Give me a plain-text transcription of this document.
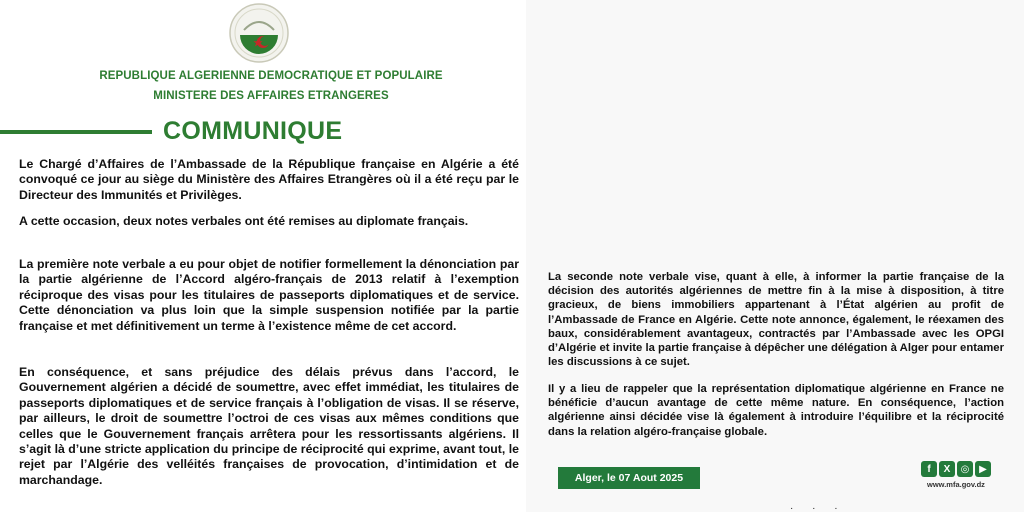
REPUBLIQUE ALGERIENNE DEMOCRATIQUE ET POPULAIRE
MINISTERE DES AFFAIRES ETRANGERES
COMMUNIQUE

Le Chargé d’Affaires de l’Ambassade de la République française en Algérie a été convoqué ce jour au siège du Ministère des Affaires Etrangères où il a été reçu par le Directeur des Immunités et Privilèges.

A cette occasion, deux notes verbales ont été remises au diplomate français.

La première note verbale a eu pour objet de notifier formellement la dénonciation par la partie algérienne de l’Accord algéro-français de 2013 relatif à l’exemption réciproque des visas pour les titulaires de passeports diplomatiques et de service. Cette dénonciation va plus loin que la simple suspension notifiée par la partie française et met définitivement un terme à l’existence même de cet accord.

En conséquence, et sans préjudice des délais prévus dans l’accord, le Gouvernement algérien a décidé de soumettre, avec effet immédiat, les titulaires de passeports diplomatiques et de service français à l’obligation de visas. Il se réserve, par ailleurs, le droit de soumettre l’octroi de ces visas aux mêmes conditions que celles que le Gouvernement français arrêtera pour les ressortissants algériens. Il s’agit là d’une stricte application du principe de réciprocité qui exprime, avant tout, le rejet par l’Algérie des velléités françaises de provocation, d’intimidation et de marchandage.

La seconde note verbale vise, quant à elle, à informer la partie française de la décision des autorités algériennes de mettre fin à la mise à disposition, à titre gracieux, de biens immobiliers appartenant à l’État algérien au profit de l’Ambassade de France en Algérie. Cette note annonce, également, le réexamen des baux, considérablement avantageux, contractés par l’Ambassade avec les OPGI d’Algérie et invite la partie française à dépêcher une délégation à Alger pour entamer les discussions à ce sujet.

Il y a lieu de rappeler que la représentation diplomatique algérienne en France ne bénéficie d’aucun avantage de cette même nature. En conséquence, l’action algérienne ainsi décidée vise là également à introduire l’équilibre et la réciprocité dans la relation algéro-française globale.

Alger, le 07 Aout 2025
f	X	◎ ▶
www.mfa.gov.dz
· · ·
